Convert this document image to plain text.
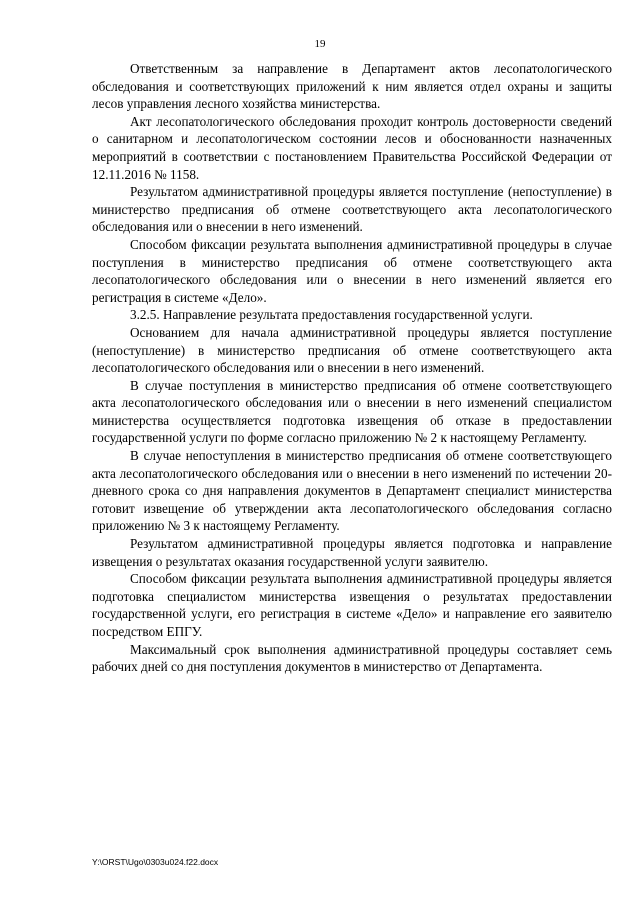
19

Ответственным за направление в Департамент актов лесопатологического обследования и соответствующих приложений к ним является отдел охраны и защиты лесов управления лесного хозяйства министерства.

Акт лесопатологического обследования проходит контроль достоверности сведений о санитарном и лесопатологическом состоянии лесов и обоснованности назначенных мероприятий в соответствии с постановлением Правительства Российской Федерации от 12.11.2016 № 1158.

Результатом административной процедуры является поступление (непоступление) в министерство предписания об отмене соответствующего акта лесопатологического обследования или о внесении в него изменений.

Способом фиксации результата выполнения административной процедуры в случае поступления в министерство предписания об отмене соответствующего акта лесопатологического обследования или о внесении в него изменений является его регистрация в системе «Дело».

3.2.5. Направление результата предоставления государственной услуги.

Основанием для начала административной процедуры является поступление (непоступление) в министерство предписания об отмене соответствующего акта лесопатологического обследования или о внесении в него изменений.

В случае поступления в министерство предписания об отмене соответствующего акта лесопатологического обследования или о внесении в него изменений специалистом министерства осуществляется подготовка извещения об отказе в предоставлении государственной услуги по форме согласно приложению № 2 к настоящему Регламенту.

В случае непоступления в министерство предписания об отмене соответствующего акта лесопатологического обследования или о внесении в него изменений по истечении 20-дневного срока со дня направления документов в Департамент специалист министерства готовит извещение об утверждении акта лесопатологического обследования согласно приложению № 3 к настоящему Регламенту.

Результатом административной процедуры является подготовка и направление извещения о результатах оказания государственной услуги заявителю.

Способом фиксации результата выполнения административной процедуры является подготовка специалистом министерства извещения о результатах предоставлении государственной услуги, его регистрация в системе «Дело» и направление его заявителю посредством ЕПГУ.

Максимальный срок выполнения административной процедуры составляет семь рабочих дней со дня поступления документов в министерство от Департамента.

Y:\ORST\Ugo\0303u024.f22.docx
